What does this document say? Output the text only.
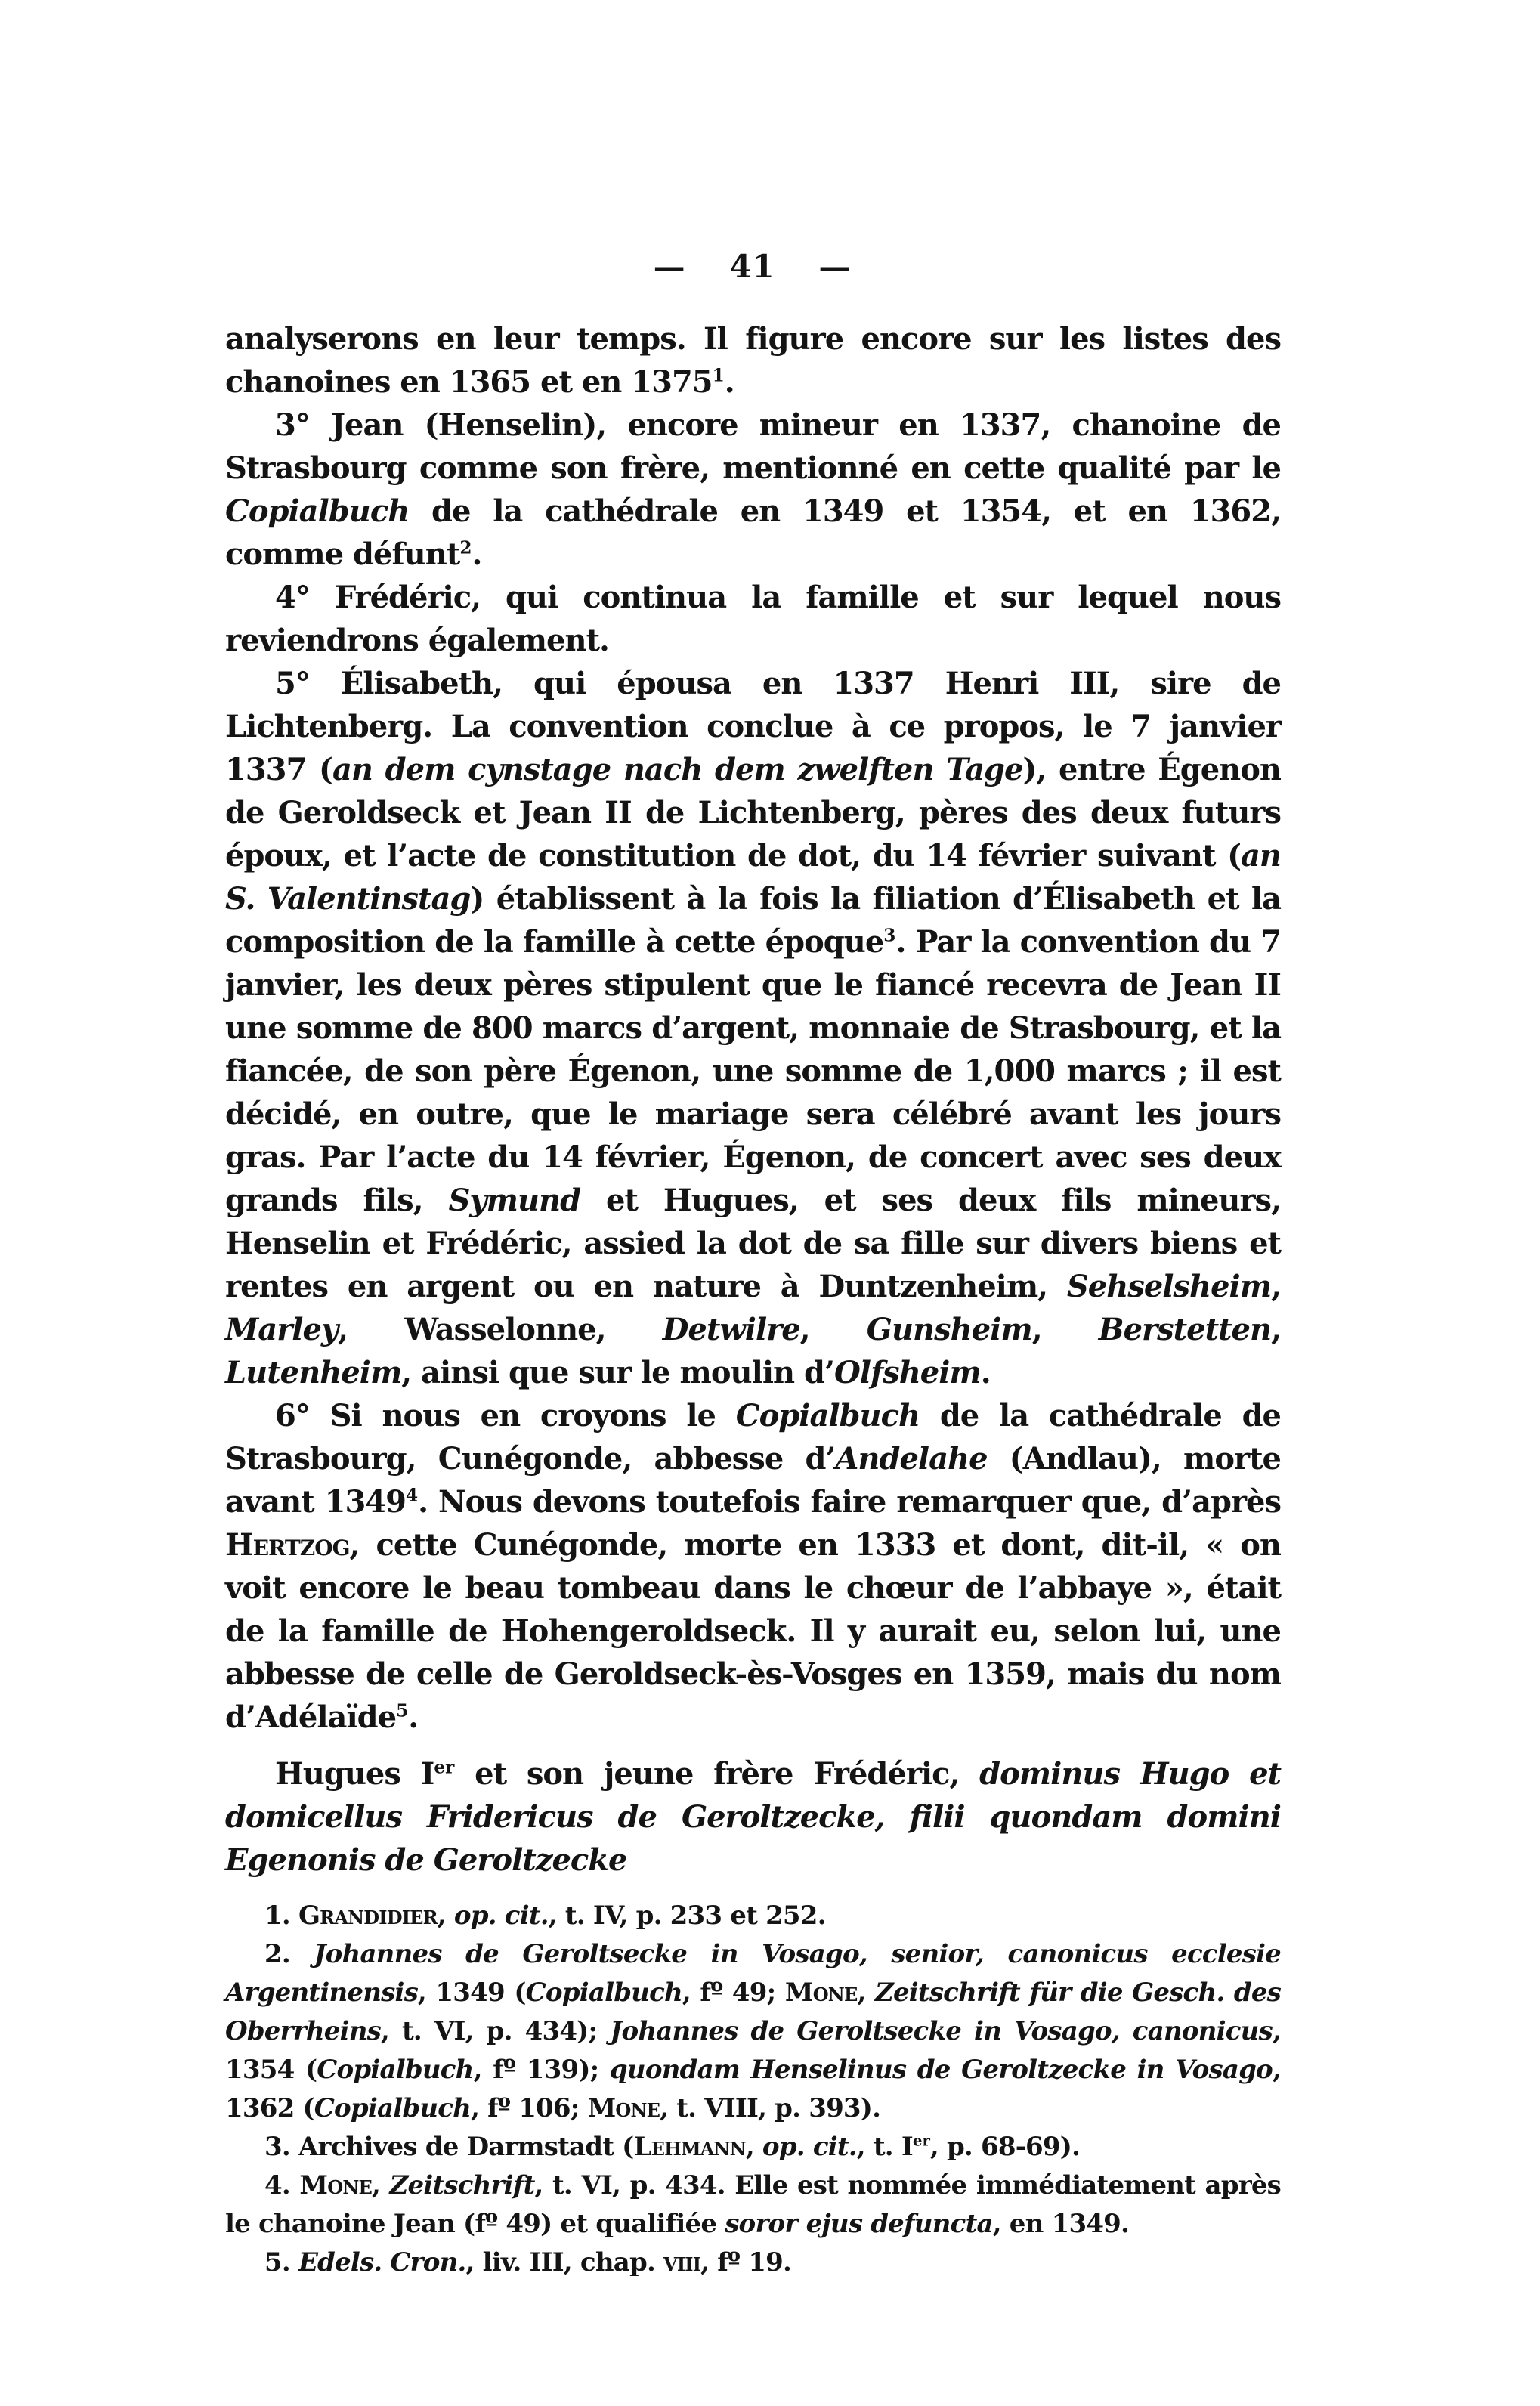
— 41 —

analyserons en leur temps. Il figure encore sur les listes des chanoines en 1365 et en 1375$^1$.

3° Jean (Henselin), encore mineur en 1337, chanoine de Strasbourg comme son frère, mentionné en cette qualité par le Copialbuch de la cathédrale en 1349 et 1354, et en 1362, comme défunt$^2$.

4° Frédéric, qui continua la famille et sur lequel nous reviendrons également.

5° Élisabeth, qui épousa en 1337 Henri III, sire de Lichtenberg. La convention conclue à ce propos, le 7 janvier 1337 (an dem cynstage nach dem zwelften Tage), entre Égenon de Geroldseck et Jean II de Lichtenberg, pères des deux futurs époux, et l’acte de constitution de dot, du 14 février suivant (an S. Valentinstag) établissent à la fois la filiation d’Élisabeth et la composition de la famille à cette époque$^3$. Par la convention du 7 janvier, les deux pères stipulent que le fiancé recevra de Jean II une somme de 800 marcs d’argent, monnaie de Strasbourg, et la fiancée, de son père Égenon, une somme de 1,000 marcs ; il est décidé, en outre, que le mariage sera célébré avant les jours gras. Par l’acte du 14 février, Égenon, de concert avec ses deux grands fils, Symund et Hugues, et ses deux fils mineurs, Henselin et Frédéric, assied la dot de sa fille sur divers biens et rentes en argent ou en nature à Duntzenheim, Sehselsheim, Marley, Wasselonne, Detwilre, Gunsheim, Berstetten, Lutenheim, ainsi que sur le moulin d’Olfsheim.

6° Si nous en croyons le Copialbuch de la cathédrale de Strasbourg, Cunégonde, abbesse d’Andelahe (Andlau), morte avant 1349$^4$. Nous devons toutefois faire remarquer que, d’après Hertzog, cette Cunégonde, morte en 1333 et dont, dit-il, « on voit encore le beau tombeau dans le chœur de l’abbaye », était de la famille de Hohengeroldseck. Il y aurait eu, selon lui, une abbesse de celle de Geroldseck-ès-Vosges en 1359, mais du nom d’Adélaïde$^5$.

Hugues Ier et son jeune frère Frédéric, dominus Hugo et domicellus Fridericus de Geroltzecke, filii quondam domini Egenonis de Geroltzecke

1. Grandidier, op. cit., t. IV, p. 233 et 252.

2. Johannes de Geroltsecke in Vosago, senior, canonicus ecclesie Argentinensis, 1349 (Copialbuch, fº 49; Mone, Zeitschrift für die Gesch. des Oberrheins, t. VI, p. 434); Johannes de Geroltsecke in Vosago, canonicus, 1354 (Copialbuch, fº 139); quondam Henselinus de Geroltzecke in Vosago, 1362 (Copialbuch, fº 106; Mone, t. VIII, p. 393).

3. Archives de Darmstadt (Lehmann, op. cit., t. Ier, p. 68-69).

4. Mone, Zeitschrift, t. VI, p. 434. Elle est nommée immédiatement après le chanoine Jean (fº 49) et qualifiée soror ejus defuncta, en 1349.

5. Edels. Cron., liv. III, chap. viii, fº 19.
